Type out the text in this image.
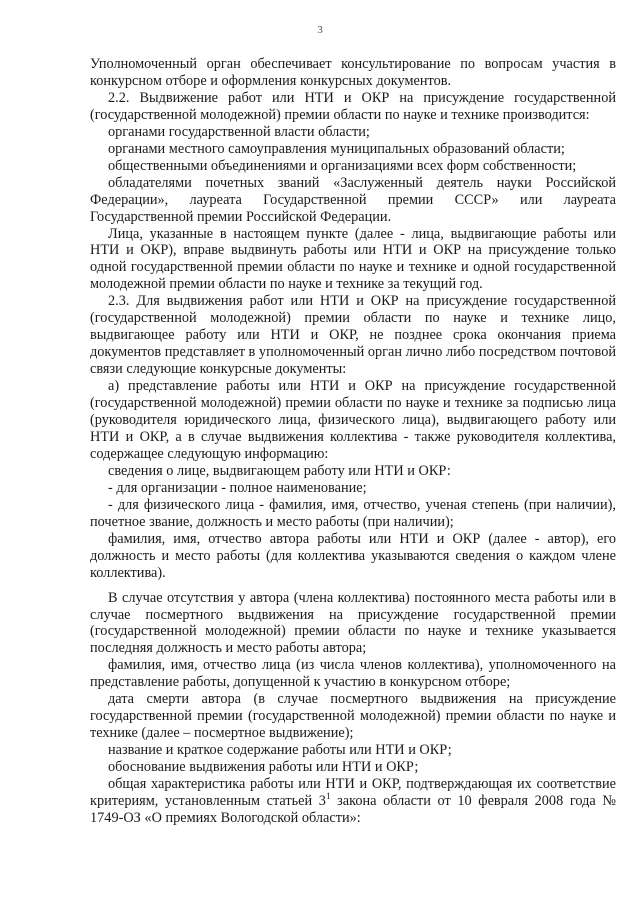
3

Уполномоченный орган обеспечивает консультирование по вопросам участия в конкурсном отборе и оформления конкурсных документов.

2.2. Выдвижение работ или НТИ и ОКР на присуждение государственной (государственной молодежной) премии области по науке и технике производится:

органами государственной власти области;

органами местного самоуправления муниципальных образований области;

общественными объединениями и организациями всех форм собственности;

обладателями почетных званий «Заслуженный деятель науки Российской Федерации», лауреата Государственной премии СССР» или лауреата Государственной премии Российской Федерации.

Лица, указанные в настоящем пункте (далее - лица, выдвигающие работы или НТИ и ОКР), вправе выдвинуть работы или НТИ и ОКР на присуждение только одной государственной премии области по науке и технике и одной государственной молодежной премии области по науке и технике за текущий год.

2.3. Для выдвижения работ или НТИ и ОКР на присуждение государственной (государственной молодежной) премии области по науке и технике лицо, выдвигающее работу или НТИ и ОКР, не позднее срока окончания приема документов представляет в уполномоченный орган лично либо посредством почтовой связи следующие конкурсные документы:

а) представление работы или НТИ и ОКР на присуждение государственной (государственной молодежной) премии области по науке и технике за подписью лица (руководителя юридического лица, физического лица), выдвигающего работу или НТИ и ОКР, а в случае выдвижения коллектива - также руководителя коллектива, содержащее следующую информацию:

сведения о лице, выдвигающем работу или НТИ и ОКР:

- для организации - полное наименование;

- для физического лица - фамилия, имя, отчество, ученая степень (при наличии), почетное звание, должность и место работы (при наличии);

фамилия, имя, отчество автора работы или НТИ и ОКР (далее - автор), его должность и место работы (для коллектива указываются сведения о каждом члене коллектива).

В случае отсутствия у автора (члена коллектива) постоянного места работы или в случае посмертного выдвижения на присуждение государственной премии (государственной молодежной) премии области по науке и технике указывается последняя должность и место работы автора;

фамилия, имя, отчество лица (из числа членов коллектива), уполномоченного на представление работы, допущенной к участию в конкурсном отборе;

дата смерти автора (в случае посмертного выдвижения на присуждение государственной премии (государственной молодежной) премии области по науке и технике (далее – посмертное выдвижение);

название и краткое содержание работы или НТИ и ОКР;

обоснование выдвижения работы или НТИ и ОКР;

общая характеристика работы или НТИ и ОКР, подтверждающая их соответствие критериям, установленным статьей $3^1$ закона области от 10 февраля 2008 года № 1749-ОЗ «О премиях Вологодской области»:
